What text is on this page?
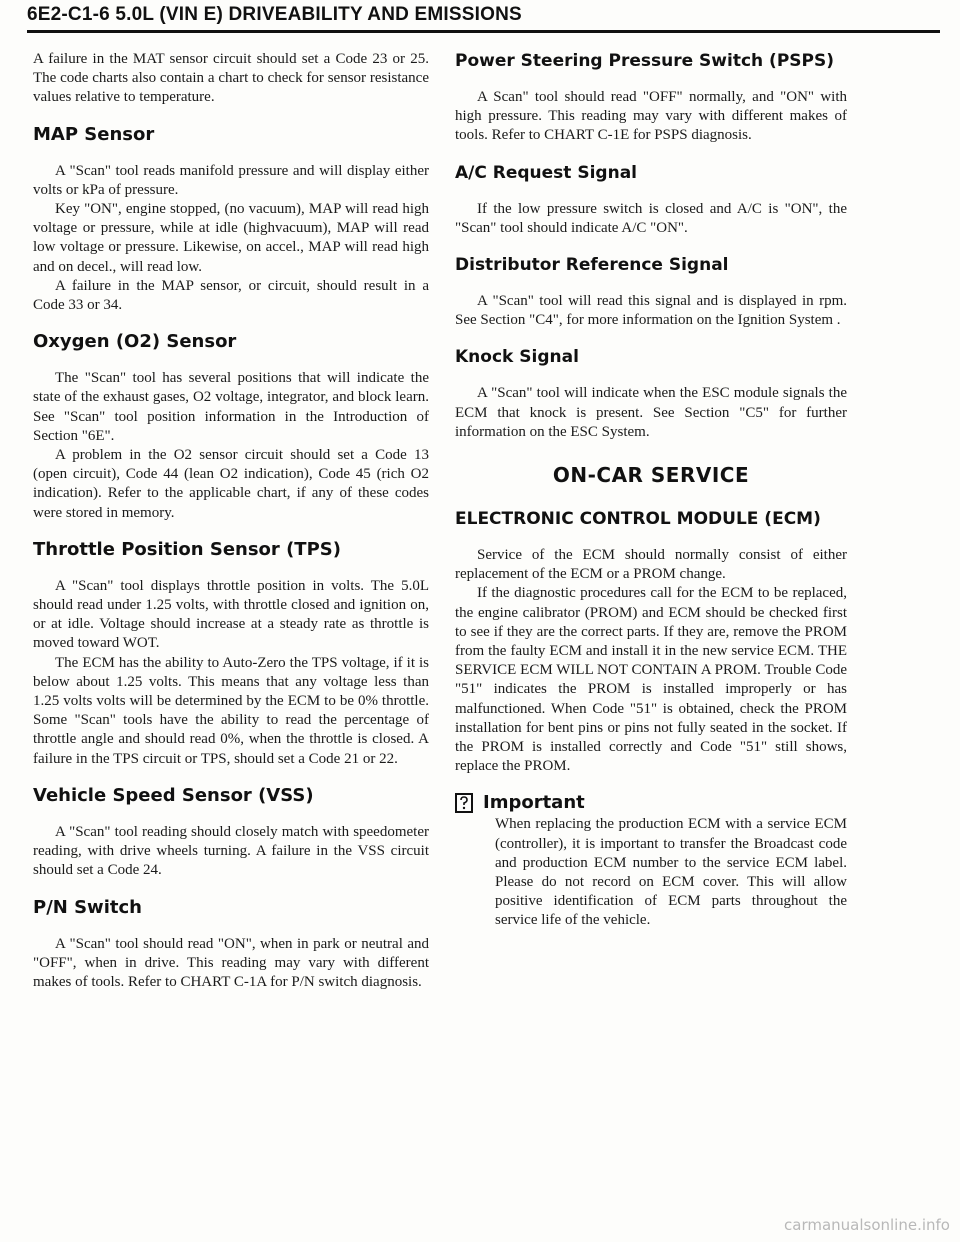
6E2-C1-6 5.0L (VIN E) DRIVEABILITY AND EMISSIONS

A failure in the MAT sensor circuit should set a Code 23 or 25. The code charts also contain a chart to check for sensor resistance values relative to temperature.

MAP Sensor

A "Scan" tool reads manifold pressure and will display either volts or kPa of pressure.

Key "ON", engine stopped, (no vacuum), MAP will read high voltage or pressure, while at idle (highvacuum), MAP will read low voltage or pressure. Likewise, on accel., MAP will read high and on decel., will read low.

A failure in the MAP sensor, or circuit, should result in a Code 33 or 34.

Oxygen (O2) Sensor

The "Scan" tool has several positions that will indicate the state of the exhaust gases, O2 voltage, integrator, and block learn. See "Scan" tool position information in the Introduction of Section "6E".

A problem in the O2 sensor circuit should set a Code 13 (open circuit), Code 44 (lean O2 indication), Code 45 (rich O2 indication). Refer to the applicable chart, if any of these codes were stored in memory.

Throttle Position Sensor (TPS)

A "Scan" tool displays throttle position in volts. The 5.0L should read under 1.25 volts, with throttle closed and ignition on, or at idle. Voltage should increase at a steady rate as throttle is moved toward WOT.

The ECM has the ability to Auto-Zero the TPS voltage, if it is below about 1.25 volts. This means that any voltage less than 1.25 volts volts will be determined by the ECM to be 0% throttle. Some "Scan" tools have the ability to read the percentage of throttle angle and should read 0%, when the throttle is closed. A failure in the TPS circuit or TPS, should set a Code 21 or 22.

Vehicle Speed Sensor (VSS)

A "Scan" tool reading should closely match with speedometer reading, with drive wheels turning. A failure in the VSS circuit should set a Code 24.

P/N Switch

A "Scan" tool should read "ON", when in park or neutral and "OFF", when in drive. This reading may vary with different makes of tools. Refer to CHART C-1A for P/N switch diagnosis.

Power Steering Pressure Switch (PSPS)

A Scan" tool should read "OFF" normally, and "ON" with high pressure. This reading may vary with different makes of tools. Refer to CHART C-1E for PSPS diagnosis.

A/C Request Signal

If the low pressure switch is closed and A/C is "ON", the "Scan" tool should indicate A/C "ON".

Distributor Reference Signal

A "Scan" tool will read this signal and is displayed in rpm. See Section "C4", for more information on the Ignition System .

Knock Signal

A "Scan" tool will indicate when the ESC module signals the ECM that knock is present. See Section "C5" for further information on the ESC System.

ON-CAR SERVICE
ELECTRONIC CONTROL MODULE (ECM)

Service of the ECM should normally consist of either replacement of the ECM or a PROM change.

If the diagnostic procedures call for the ECM to be replaced, the engine calibrator (PROM) and ECM should be checked first to see if they are the correct parts. If they are, remove the PROM from the faulty ECM and install it in the new service ECM. THE SERVICE ECM WILL NOT CONTAIN A PROM. Trouble Code "51" indicates the PROM is installed improperly or has malfunctioned. When Code "51" is obtained, check the PROM installation for bent pins or pins not fully seated in the socket. If the PROM is installed correctly and Code "51" still shows, replace the PROM.

Important

When replacing the production ECM with a service ECM (controller), it is important to transfer the Broadcast code and production ECM number to the service ECM label. Please do not record on ECM cover. This will allow positive identification of ECM parts throughout the service life of the vehicle.

carmanualsonline.info
